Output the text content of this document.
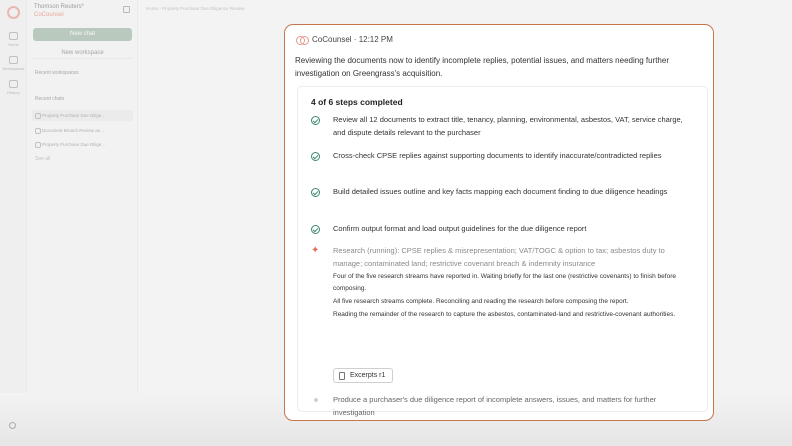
Home
Workspaces
History
Thomson Reuters*
CoCounsel
New chat
New workspace
Recent workspaces
Recent chats
Property Purchase Due Dilige...
Document Breach Review an...
Property Purchase Due Dilige...
See all
Home › Property Purchase Due Diligence Review
CoCounsel · 12:12 PM
Reviewing the documents now to identify incomplete replies, potential issues, and matters needing further investigation on Greengrass's acquisition.
4 of 6 steps completed
Review all 12 documents to extract title, tenancy, planning, environmental, asbestos, VAT, service charge, and dispute details relevant to the purchaser
Cross-check CPSE replies against supporting documents to identify inaccurate/contradicted replies
Build detailed issues outline and key facts mapping each document finding to due diligence headings
Confirm output format and load output guidelines for the due diligence report
✦ Research (running): CPSE replies & misrepresentation; VAT/TOGC & option to tax; asbestos duty to manage; contaminated land; restrictive covenant breach & indemnity insurance
Four of the five research streams have reported in. Waiting briefly for the last one (restrictive covenants) to finish before composing.
All five research streams complete. Reconciling and reading the research before composing the report.
Reading the remainder of the research to capture the asbestos, contaminated-land and restrictive-covenant authorities.
Excerpts r1
Produce a purchaser's due diligence report of incomplete answers, issues, and matters for further investigation
